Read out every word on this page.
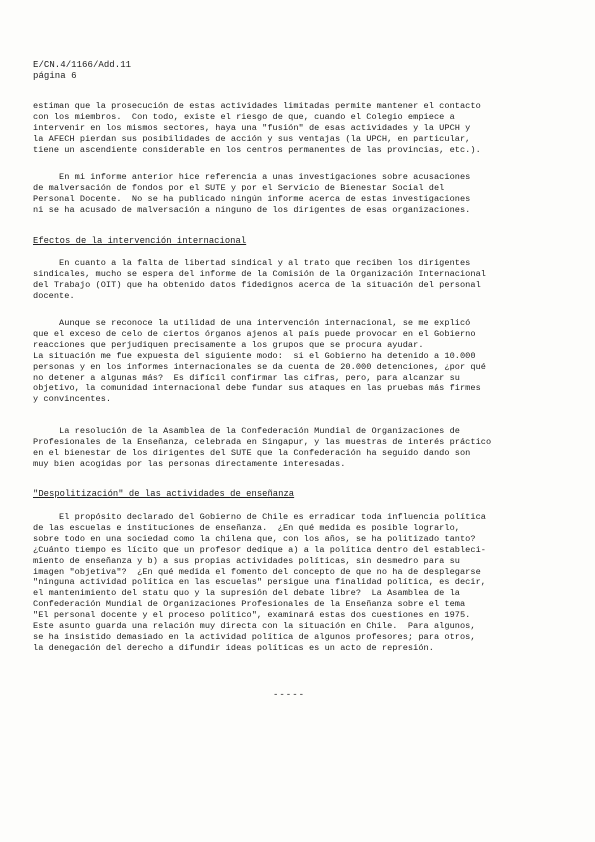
E/CN.4/1166/Add.11
página 6
estiman que la prosecución de estas actividades limitadas permite mantener el contacto
con los miembros.  Con todo, existe el riesgo de que, cuando el Colegio empiece a
intervenir en los mismos sectores, haya una "fusión" de esas actividades y la UPCH y
la AFECH pierdan sus posibilidades de acción y sus ventajas (la UPCH, en particular,
tiene un ascendiente considerable en los centros permanentes de las provincias, etc.).
En mi informe anterior hice referencia a unas investigaciones sobre acusaciones
de malversación de fondos por el SUTE y por el Servicio de Bienestar Social del
Personal Docente.  No se ha publicado ningún informe acerca de estas investigaciones
ni se ha acusado de malversación a ninguno de los dirigentes de esas organizaciones.
Efectos de la intervención internacional
En cuanto a la falta de libertad sindical y al trato que reciben los dirigentes
sindicales, mucho se espera del informe de la Comisión de la Organización Internacional
del Trabajo (OIT) que ha obtenido datos fidedignos acerca de la situación del personal
docente.
Aunque se reconoce la utilidad de una intervención internacional, se me explicó
que el exceso de celo de ciertos órganos ajenos al país puede provocar en el Gobierno
reacciones que perjudiquen precisamente a los grupos que se procura ayudar.
La situación me fue expuesta del siguiente modo:  si el Gobierno ha detenido a 10.000
personas y en los informes internacionales se da cuenta de 20.000 detenciones, ¿por qué
no detener a algunas más?  Es difícil confirmar las cifras, pero, para alcanzar su
objetivo, la comunidad internacional debe fundar sus ataques en las pruebas más firmes
y convincentes.
La resolución de la Asamblea de la Confederación Mundial de Organizaciones de
Profesionales de la Enseñanza, celebrada en Singapur, y las muestras de interés práctico
en el bienestar de los dirigentes del SUTE que la Confederación ha seguido dando son
muy bien acogidas por las personas directamente interesadas.
"Despolitización" de las actividades de enseñanza
El propósito declarado del Gobierno de Chile es erradicar toda influencia política
de las escuelas e instituciones de enseñanza.  ¿En qué medida es posible lograrlo,
sobre todo en una sociedad como la chilena que, con los años, se ha politizado tanto?
¿Cuánto tiempo es lícito que un profesor dedique a) a la política dentro del estableci-
miento de enseñanza y b) a sus propias actividades políticas, sin desmedro para su
imagen "objetiva"?  ¿En qué medida el fomento del concepto de que no ha de desplegarse
"ninguna actividad política en las escuelas" persigue una finalidad política, es decir,
el mantenimiento del statu quo y la supresión del debate libre?  La Asamblea de la
Confederación Mundial de Organizaciones Profesionales de la Enseñanza sobre el tema
"El personal docente y el proceso político", examinará estas dos cuestiones en 1975.
Este asunto guarda una relación muy directa con la situación en Chile.  Para algunos,
se ha insistido demasiado en la actividad política de algunos profesores; para otros,
la denegación del derecho a difundir ideas políticas es un acto de represión.
-----
